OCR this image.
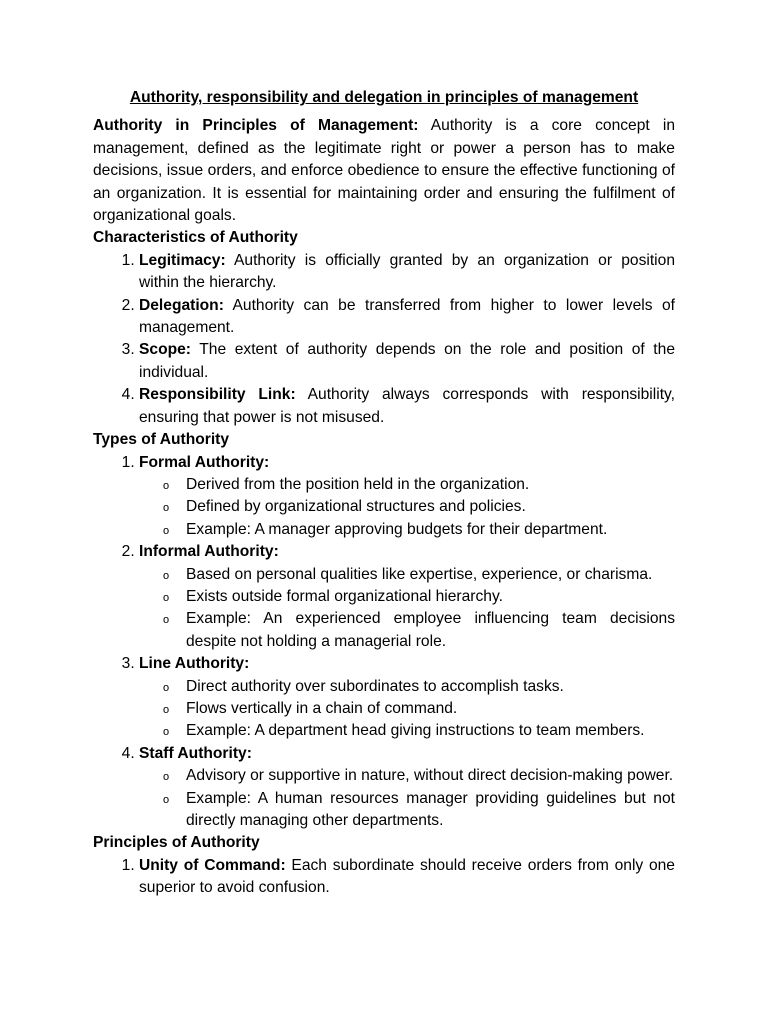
Authority, responsibility and delegation in principles of management

Authority in Principles of Management: Authority is a core concept in management, defined as the legitimate right or power a person has to make decisions, issue orders, and enforce obedience to ensure the effective functioning of an organization. It is essential for maintaining order and ensuring the fulfilment of organizational goals.

Characteristics of Authority
1. Legitimacy: Authority is officially granted by an organization or position within the hierarchy.
2. Delegation: Authority can be transferred from higher to lower levels of management.
3. Scope: The extent of authority depends on the role and position of the individual.
4. Responsibility Link: Authority always corresponds with responsibility, ensuring that power is not misused.
Types of Authority
1. Formal Authority:
o Derived from the position held in the organization.
o Defined by organizational structures and policies.
o Example: A manager approving budgets for their department.
2. Informal Authority:
o Based on personal qualities like expertise, experience, or charisma.
o Exists outside formal organizational hierarchy.
o Example: An experienced employee influencing team decisions despite not holding a managerial role.
3. Line Authority:
o Direct authority over subordinates to accomplish tasks.
o Flows vertically in a chain of command.
o Example: A department head giving instructions to team members.
4. Staff Authority:
o Advisory or supportive in nature, without direct decision-making power.
o Example: A human resources manager providing guidelines but not directly managing other departments.
Principles of Authority
1. Unity of Command: Each subordinate should receive orders from only one superior to avoid confusion.
